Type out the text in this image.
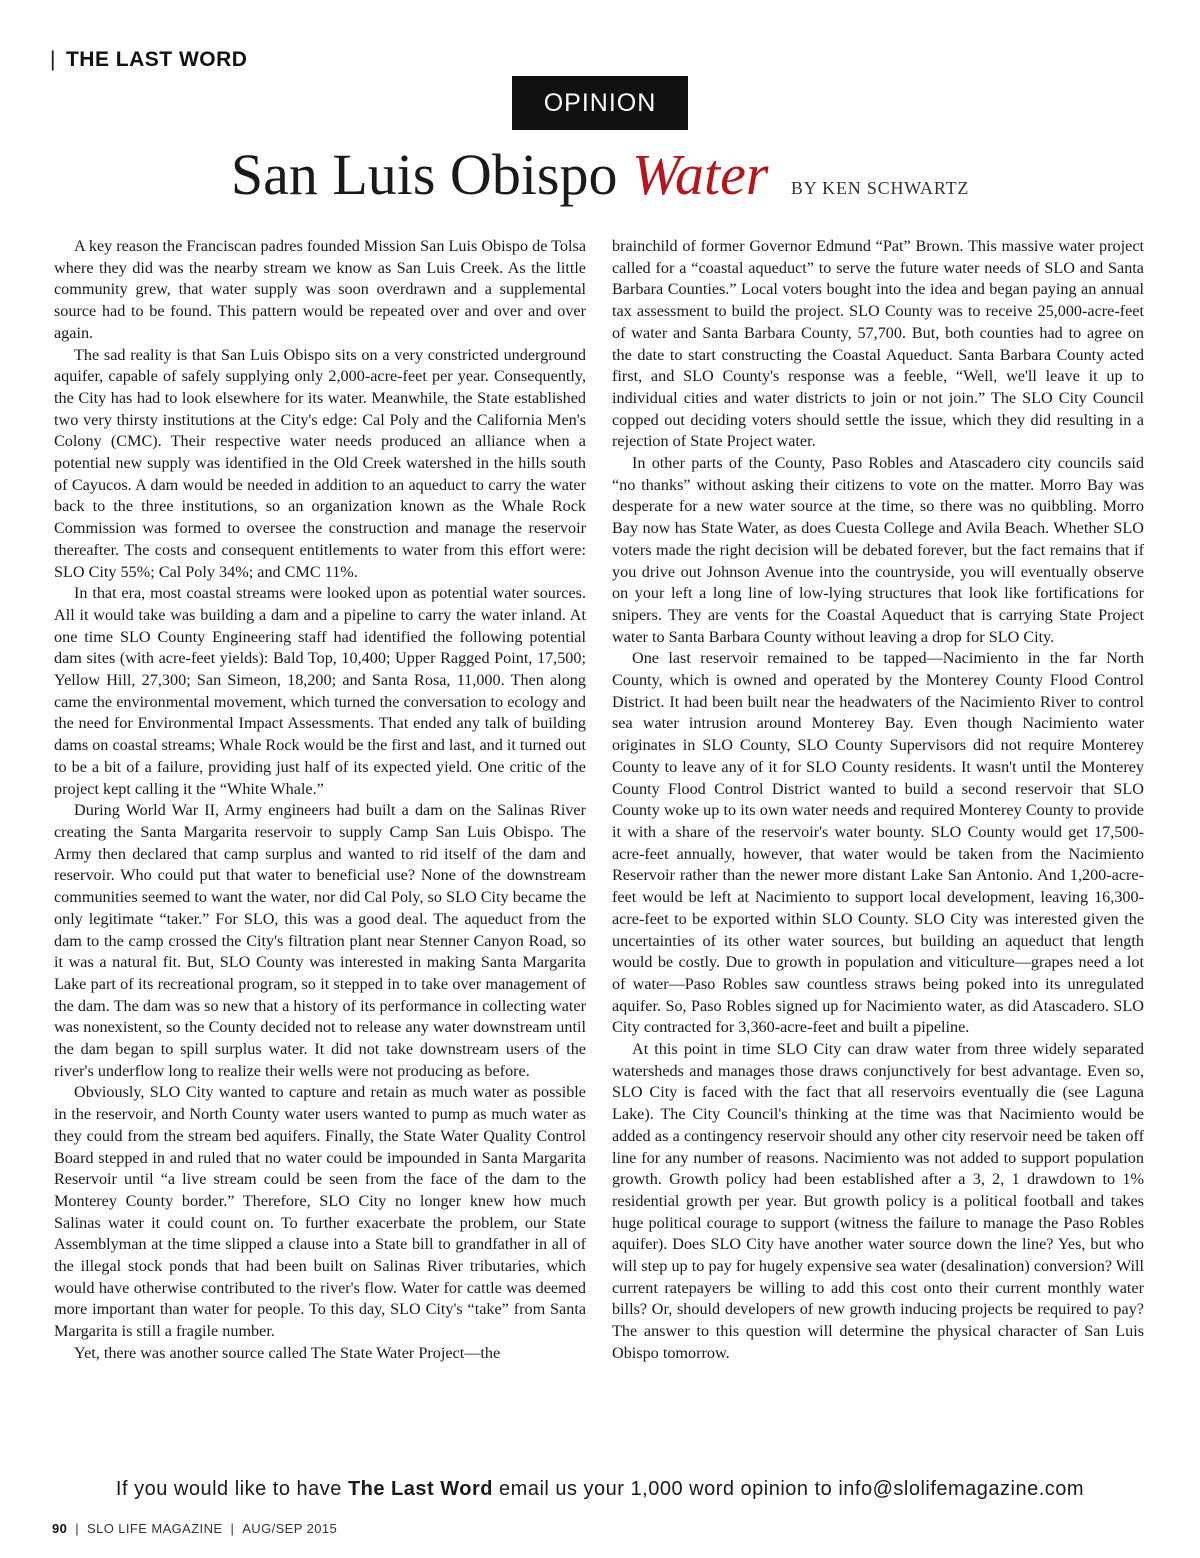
| THE LAST WORD
OPINION
San Luis Obispo Water BY KEN SCHWARTZ

A key reason the Franciscan padres founded Mission San Luis Obispo de Tolsa where they did was the nearby stream we know as San Luis Creek. As the little community grew, that water supply was soon overdrawn and a supplemental source had to be found. This pattern would be repeated over and over and over again.

The sad reality is that San Luis Obispo sits on a very constricted underground aquifer, capable of safely supplying only 2,000-acre-feet per year. Consequently, the City has had to look elsewhere for its water. Meanwhile, the State established two very thirsty institutions at the City's edge: Cal Poly and the California Men's Colony (CMC). Their respective water needs produced an alliance when a potential new supply was identified in the Old Creek watershed in the hills south of Cayucos. A dam would be needed in addition to an aqueduct to carry the water back to the three institutions, so an organization known as the Whale Rock Commission was formed to oversee the construction and manage the reservoir thereafter. The costs and consequent entitlements to water from this effort were: SLO City 55%; Cal Poly 34%; and CMC 11%.

In that era, most coastal streams were looked upon as potential water sources. All it would take was building a dam and a pipeline to carry the water inland. At one time SLO County Engineering staff had identified the following potential dam sites (with acre-feet yields): Bald Top, 10,400; Upper Ragged Point, 17,500; Yellow Hill, 27,300; San Simeon, 18,200; and Santa Rosa, 11,000. Then along came the environmental movement, which turned the conversation to ecology and the need for Environmental Impact Assessments. That ended any talk of building dams on coastal streams; Whale Rock would be the first and last, and it turned out to be a bit of a failure, providing just half of its expected yield. One critic of the project kept calling it the “White Whale.”

During World War II, Army engineers had built a dam on the Salinas River creating the Santa Margarita reservoir to supply Camp San Luis Obispo. The Army then declared that camp surplus and wanted to rid itself of the dam and reservoir. Who could put that water to beneficial use? None of the downstream communities seemed to want the water, nor did Cal Poly, so SLO City became the only legitimate “taker.” For SLO, this was a good deal. The aqueduct from the dam to the camp crossed the City's filtration plant near Stenner Canyon Road, so it was a natural fit. But, SLO County was interested in making Santa Margarita Lake part of its recreational program, so it stepped in to take over management of the dam. The dam was so new that a history of its performance in collecting water was nonexistent, so the County decided not to release any water downstream until the dam began to spill surplus water. It did not take downstream users of the river's underflow long to realize their wells were not producing as before.

Obviously, SLO City wanted to capture and retain as much water as possible in the reservoir, and North County water users wanted to pump as much water as they could from the stream bed aquifers. Finally, the State Water Quality Control Board stepped in and ruled that no water could be impounded in Santa Margarita Reservoir until “a live stream could be seen from the face of the dam to the Monterey County border.” Therefore, SLO City no longer knew how much Salinas water it could count on. To further exacerbate the problem, our State Assemblyman at the time slipped a clause into a State bill to grandfather in all of the illegal stock ponds that had been built on Salinas River tributaries, which would have otherwise contributed to the river's flow. Water for cattle was deemed more important than water for people. To this day, SLO City's “take” from Santa Margarita is still a fragile number.

Yet, there was another source called The State Water Project—the

brainchild of former Governor Edmund “Pat” Brown. This massive water project called for a “coastal aqueduct” to serve the future water needs of SLO and Santa Barbara Counties.” Local voters bought into the idea and began paying an annual tax assessment to build the project. SLO County was to receive 25,000-acre-feet of water and Santa Barbara County, 57,700. But, both counties had to agree on the date to start constructing the Coastal Aqueduct. Santa Barbara County acted first, and SLO County's response was a feeble, “Well, we'll leave it up to individual cities and water districts to join or not join.” The SLO City Council copped out deciding voters should settle the issue, which they did resulting in a rejection of State Project water.

In other parts of the County, Paso Robles and Atascadero city councils said “no thanks” without asking their citizens to vote on the matter. Morro Bay was desperate for a new water source at the time, so there was no quibbling. Morro Bay now has State Water, as does Cuesta College and Avila Beach. Whether SLO voters made the right decision will be debated forever, but the fact remains that if you drive out Johnson Avenue into the countryside, you will eventually observe on your left a long line of low-lying structures that look like fortifications for snipers. They are vents for the Coastal Aqueduct that is carrying State Project water to Santa Barbara County without leaving a drop for SLO City.

One last reservoir remained to be tapped—Nacimiento in the far North County, which is owned and operated by the Monterey County Flood Control District. It had been built near the headwaters of the Nacimiento River to control sea water intrusion around Monterey Bay. Even though Nacimiento water originates in SLO County, SLO County Supervisors did not require Monterey County to leave any of it for SLO County residents. It wasn't until the Monterey County Flood Control District wanted to build a second reservoir that SLO County woke up to its own water needs and required Monterey County to provide it with a share of the reservoir's water bounty. SLO County would get 17,500-acre-feet annually, however, that water would be taken from the Nacimiento Reservoir rather than the newer more distant Lake San Antonio. And 1,200-acre-feet would be left at Nacimiento to support local development, leaving 16,300-acre-feet to be exported within SLO County. SLO City was interested given the uncertainties of its other water sources, but building an aqueduct that length would be costly. Due to growth in population and viticulture—grapes need a lot of water—Paso Robles saw countless straws being poked into its unregulated aquifer. So, Paso Robles signed up for Nacimiento water, as did Atascadero. SLO City contracted for 3,360-acre-feet and built a pipeline.

At this point in time SLO City can draw water from three widely separated watersheds and manages those draws conjunctively for best advantage. Even so, SLO City is faced with the fact that all reservoirs eventually die (see Laguna Lake). The City Council's thinking at the time was that Nacimiento would be added as a contingency reservoir should any other city reservoir need be taken off line for any number of reasons. Nacimiento was not added to support population growth. Growth policy had been established after a 3, 2, 1 drawdown to 1% residential growth per year. But growth policy is a political football and takes huge political courage to support (witness the failure to manage the Paso Robles aquifer). Does SLO City have another water source down the line? Yes, but who will step up to pay for hugely expensive sea water (desalination) conversion? Will current ratepayers be willing to add this cost onto their current monthly water bills? Or, should developers of new growth inducing projects be required to pay? The answer to this question will determine the physical character of San Luis Obispo tomorrow.

If you would like to have The Last Word email us your 1,000 word opinion to info@slolifemagazine.com
90 | SLO LIFE MAGAZINE | AUG/SEP 2015
